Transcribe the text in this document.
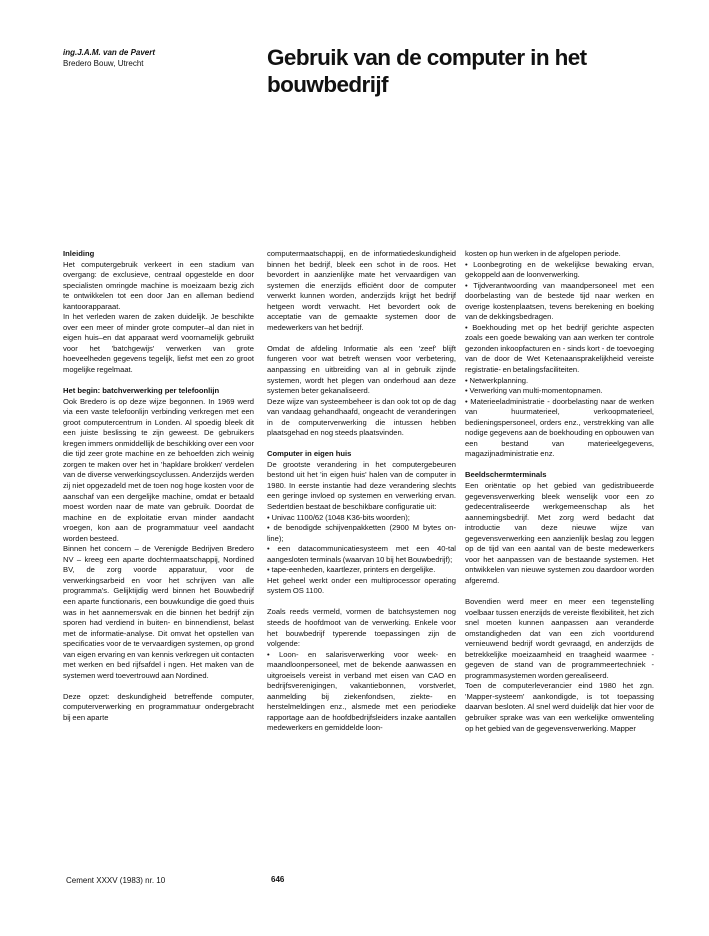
ing.J.A.M. van de Pavert
Bredero Bouw, Utrecht	Gebruik van de computer in het bouwbedrijf
Inleiding
Het computergebruik verkeert in een stadium van overgang: de exclusieve, centraal opgestelde en door specialisten omringde machine is moeizaam bezig zich te ontwikkelen tot een door Jan en alleman bediend kantoorapparaat.
In het verleden waren de zaken duidelijk. Je beschikte over een meer of minder grote computer–al dan niet in eigen huis–en dat apparaat werd voornamelijk gebruikt voor het 'batchgewijs' verwerken van grote hoeveelheden gegevens tegelijk, liefst met een zo groot mogelijke regelmaat.
Het begin: batchverwerking per telefoonlijn
Ook Bredero is op deze wijze begonnen. In 1969 werd via een vaste telefoonlijn verbinding verkregen met een groot computercentrum in Londen. Al spoedig bleek dit een juiste beslissing te zijn geweest. De gebruikers kregen immers onmiddellijk de beschikking over een voor die tijd zeer grote machine en ze behoefden zich weinig zorgen te maken over het in 'hapklare brokken' verdelen van de diverse verwerkingscyclussen. Anderzijds werden zij niet opgezadeld met de toen nog hoge kosten voor de aanschaf van een dergelijke machine, omdat er betaald moest worden naar de mate van gebruik. Doordat de machine en de exploitatie ervan minder aandacht vroegen, kon aan de programmatuur veel aandacht worden besteed.
Binnen het concern – de Verenigde Bedrijven Bredero NV – kreeg een aparte dochtermaatschappij, Nordined BV, de zorg voorde apparatuur, voor de verwerkingsarbeid en voor het schrijven van alle programma's. Gelijktijdig werd binnen het Bouwbedrijf een aparte functionaris, een bouwkundige die goed thuis was in het aannemersvak en die binnen het bedrijf zijn sporen had verdiend in buiten- en binnendienst, belast met de informatie-analyse. Dit omvat het opstellen van specificaties voor de te vervaardigen systemen, op grond van eigen ervaring en van kennis verkregen uit contacten met werken en bed rijfsafdel i ngen. Het maken van de systemen werd toevertrouwd aan Nordined.
Deze opzet: deskundigheid betreffende computer, computerverwerking en programmatuur ondergebracht bij een aparte
computermaatschappij, en de informatiedeskundigheid binnen het bedrijf, bleek een schot in de roos. Het bevordert in aanzienlijke mate het vervaardigen van systemen die enerzijds efficiënt door de computer verwerkt kunnen worden, anderzijds krijgt het bedrijf hetgeen wordt verwacht. Het bevordert ook de acceptatie van de gemaakte systemen door de medewerkers van het bedrijf.
Omdat de afdeling Informatie als een 'zeef' blijft fungeren voor wat betreft wensen voor verbetering, aanpassing en uitbreiding van al in gebruik zijnde systemen, wordt het plegen van onderhoud aan deze systemen beter gekanaliseerd.
Deze wijze van systeembeheer is dan ook tot op de dag van vandaag gehandhaafd, ongeacht de veranderingen in de computerverwerking die intussen hebben plaatsgehad en nog steeds plaatsvinden.
Computer in eigen huis
De grootste verandering in het computergebeuren bestond uit het 'in eigen huis' halen van de computer in 1980. In eerste instantie had deze verandering slechts een geringe invloed op systemen en verwerking ervan. Sedertdien bestaat de beschikbare configuratie uit:
• Univac 1100/62 (1048 K36-bits woorden);
• de benodigde schijvenpakketten (2900 M bytes on-line);
• een datacommunicatiesysteem met een 40-tal aangesloten terminals (waarvan 10 bij het Bouwbedrijf);
• tape-eenheden, kaartlezer, printers en dergelijke.
Het geheel werkt onder een multiprocessor operating system OS 1100.
Zoals reeds vermeld, vormen de batchsystemen nog steeds de hoofdmoot van de verwerking. Enkele voor het bouwbedrijf typerende toepassingen zijn de volgende:
• Loon- en salarisverwerking voor week- en maandloonpersoneel, met de bekende aanwassen en uitgroeisels vereist in verband met eisen van CAO en bedrijfsverenigingen, vakantiebonnen, vorstverlet, aanmelding bij ziekenfondsen, ziekte- en herstelmeldingen enz., alsmede met een periodieke rapportage aan de hoofdbedrijfsleiders inzake aantallen medewerkers en gemiddelde loon-
kosten op hun werken in de afgelopen periode.
• Loonbegroting en de wekelijkse bewaking ervan, gekoppeld aan de loonverwerking.
• Tijdverantwoording van maandpersoneel met een doorbelasting van de bestede tijd naar werken en overige kostenplaatsen, tevens berekening en boeking van de dekkingsbedragen.
• Boekhouding met op het bedrijf gerichte aspecten zoals een goede bewaking van aan werken ter controle gezonden inkoopfacturen en - sinds kort - de toevoeging van de door de Wet Ketenaansprakelijkheid vereiste registratie- en betalingsfaciliteiten.
• Netwerkplanning.
• Verwerking van multi-momentopnamen.
• Materieeladministratie - doorbelasting naar de werken van huurmaterieel, verkoopmaterieel, bedieningspersoneel, orders enz., verstrekking van alle nodige gegevens aan de boekhouding en opbouwen van een bestand van materieelgegevens, magazijnadministratie enz.
Beeldschermterminals
Een oriëntatie op het gebied van gedistribueerde gegevensverwerking bleek wenselijk voor een zo gedecentraliseerde werkgemeenschap als het aannemingsbedrijf. Met zorg werd bedacht dat introductie van deze nieuwe wijze van gegevensverwerking een aanzienlijk beslag zou leggen op de tijd van een aantal van de beste medewerkers voor het aanpassen van de bestaande systemen. Het ontwikkelen van nieuwe systemen zou daardoor worden afgeremd.
Bovendien werd meer en meer een tegenstelling voelbaar tussen enerzijds de vereiste flexibiliteit, het zich snel moeten kunnen aanpassen aan veranderde omstandigheden dat van een zich voortdurend vernieuwend bedrijf wordt gevraagd, en anderzijds de betrekkelijke moeizaamheid en traagheid waarmee - gegeven de stand van de programmeertechniek - programmasystemen worden gerealiseerd.
Toen de computerleverancier eind 1980 het zgn. 'Mapper-systeem' aankondigde, is tot toepassing daarvan besloten. Al snel werd duidelijk dat hier voor de gebruiker sprake was van een werkelijke omwenteling op het gebied van de gegevensverwerking. Mapper
Cement XXXV (1983) nr. 10	646
